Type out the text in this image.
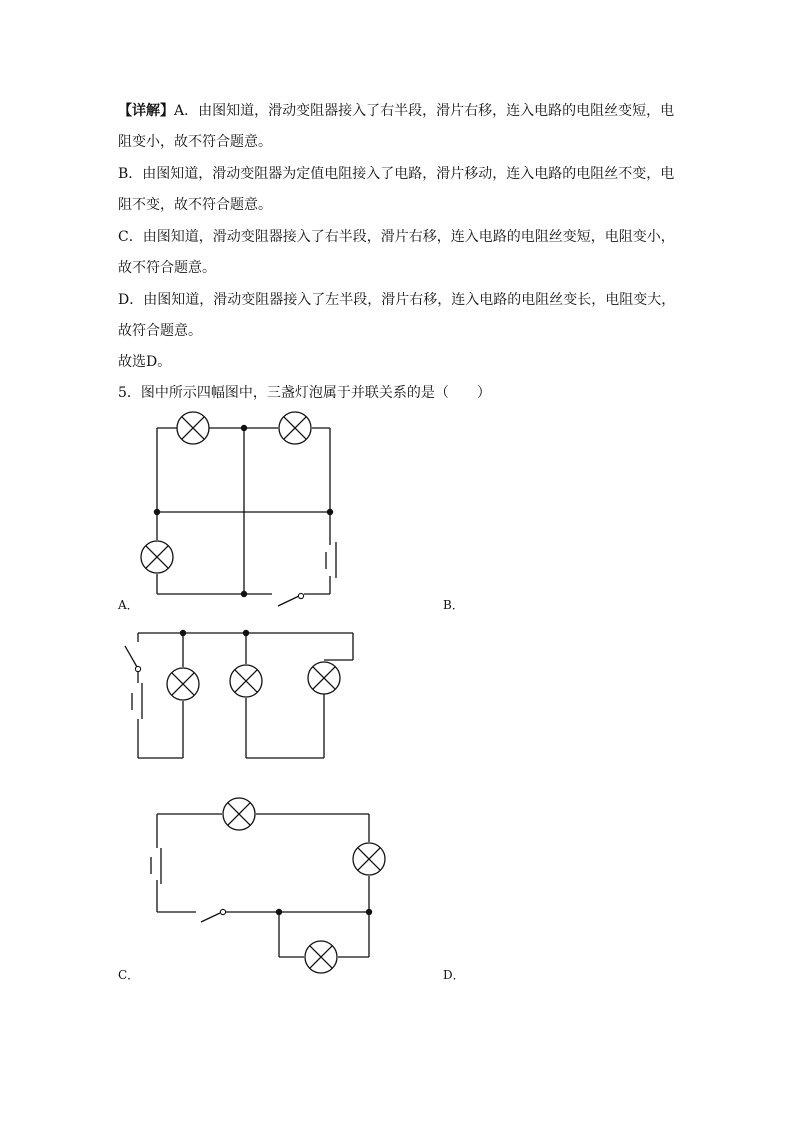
【详解】A．由图知道，滑动变阻器接入了右半段，滑片右移，连入电路的电阻丝变短，电
阻变小，故不符合题意。
B．由图知道，滑动变阻器为定值电阻接入了电路，滑片移动，连入电路的电阻丝不变，电
阻不变，故不符合题意。
C．由图知道，滑动变阻器接入了右半段，滑片右移，连入电路的电阻丝变短，电阻变小，
故不符合题意。
D．由图知道，滑动变阻器接入了左半段，滑片右移，连入电路的电阻丝变长，电阻变大，
故符合题意。
故选D。
5．图中所示四幅图中，三盏灯泡属于并联关系的是（　　）
A．	B．
C．	D．
